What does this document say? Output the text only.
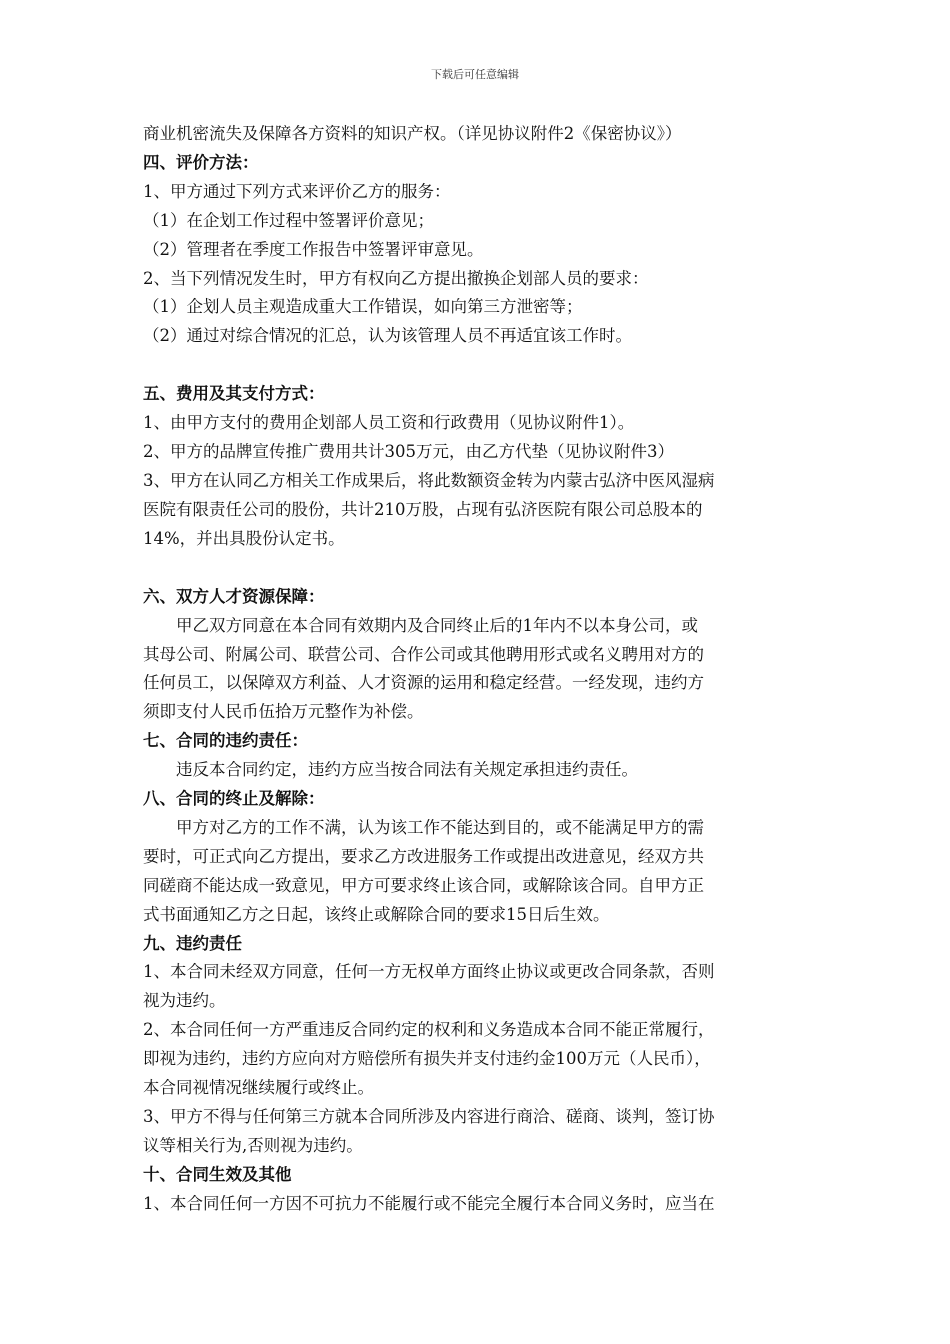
下载后可任意编辑

商业机密流失及保障各方资料的知识产权。（详见协议附件2《保密协议》）

四、评价方法：

1、甲方通过下列方式来评价乙方的服务：

（1）在企划工作过程中签署评价意见；

（2）管理者在季度工作报告中签署评审意见。

2、当下列情况发生时，甲方有权向乙方提出撤换企划部人员的要求：

（1）企划人员主观造成重大工作错误，如向第三方泄密等；

（2）通过对综合情况的汇总，认为该管理人员不再适宜该工作时。

五、费用及其支付方式：

1、由甲方支付的费用企划部人员工资和行政费用（见协议附件1）。

2、甲方的品牌宣传推广费用共计305万元，由乙方代垫（见协议附件3）

3、甲方在认同乙方相关工作成果后，将此数额资金转为内蒙古弘济中医风湿病

医院有限责任公司的股份，共计210万股，占现有弘济医院有限公司总股本的

14%，并出具股份认定书。

六、双方人才资源保障：

甲乙双方同意在本合同有效期内及合同终止后的1年内不以本身公司，或

其母公司、附属公司、联营公司、合作公司或其他聘用形式或名义聘用对方的

任何员工，以保障双方利益、人才资源的运用和稳定经营。一经发现，违约方

须即支付人民币伍拾万元整作为补偿。

七、合同的违约责任：

违反本合同约定，违约方应当按合同法有关规定承担违约责任。

八、合同的终止及解除：

甲方对乙方的工作不满，认为该工作不能达到目的，或不能满足甲方的需

要时，可正式向乙方提出，要求乙方改进服务工作或提出改进意见，经双方共

同磋商不能达成一致意见，甲方可要求终止该合同，或解除该合同。自甲方正

式书面通知乙方之日起，该终止或解除合同的要求15日后生效。

九、违约责任

1、本合同未经双方同意，任何一方无权单方面终止协议或更改合同条款，否则

视为违约。

2、本合同任何一方严重违反合同约定的权利和义务造成本合同不能正常履行，

即视为违约，违约方应向对方赔偿所有损失并支付违约金100万元（人民币），

本合同视情况继续履行或终止。

3、甲方不得与任何第三方就本合同所涉及内容进行商洽、磋商、谈判，签订协

议等相关行为,否则视为违约。

十、合同生效及其他

1、本合同任何一方因不可抗力不能履行或不能完全履行本合同义务时，应当在
